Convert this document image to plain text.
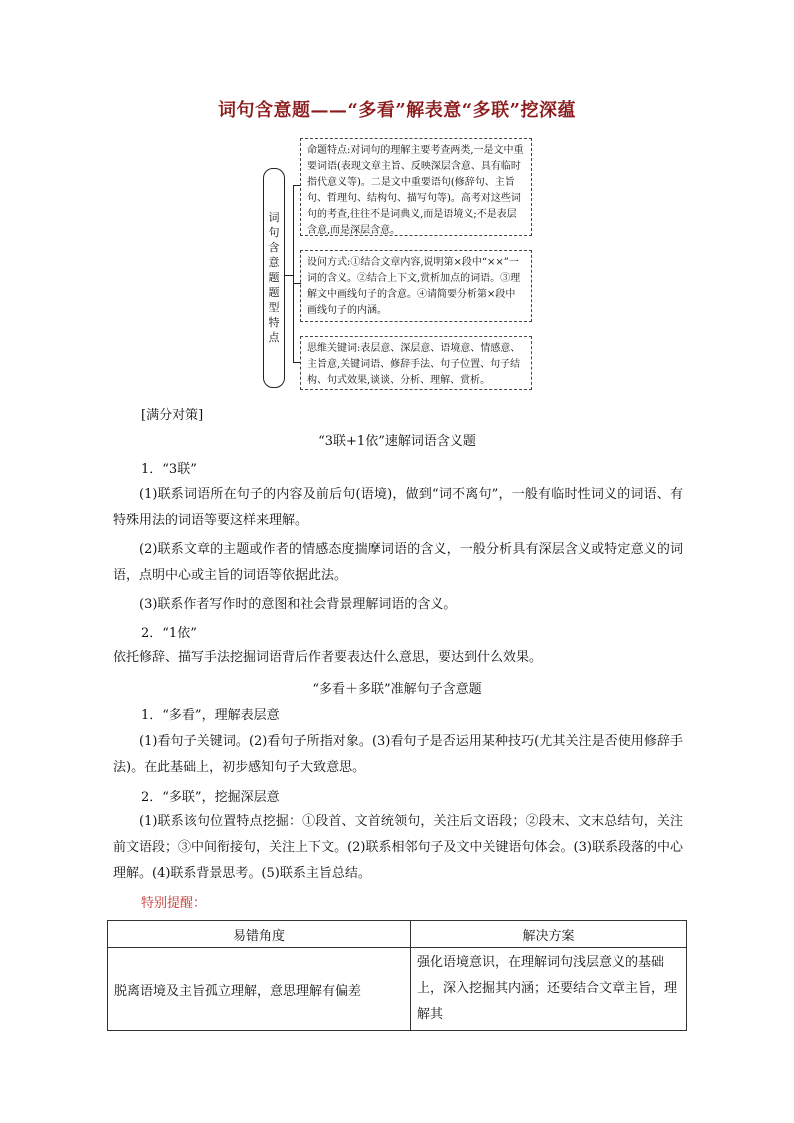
词句含意题——“多看”解表意“多联”挖深蕴
词
句
含
意
题
题
型
特
点
命题特点:对词句的理解主要考查两类,一是文中重要词语(表现文章主旨、反映深层含意、具有临时指代意义等)。二是文中重要语句(修辞句、主旨句、哲理句、结构句、描写句等)。高考对这些词句的考查,往往不是词典义,而是语境义;不是表层含意,而是深层含意。
设问方式:①结合文章内容,说明第×段中“××”一词的含义。②结合上下文,赏析加点的词语。③理解文中画线句子的含意。④请简要分析第×段中画线句子的内涵。
思维关键词:表层意、深层意、语境意、情感意、主旨意,关键词语、修辞手法、句子位置、句子结构、句式效果,谈谈、分析、理解、赏析。
[满分对策]
“3联+1依”速解词语含义题
1．“3联”
(1)联系词语所在句子的内容及前后句(语境)，做到“词不离句”，一般有临时性词义的词语、有特殊用法的词语等要这样来理解。
(2)联系文章的主题或作者的情感态度揣摩词语的含义，一般分析具有深层含义或特定意义的词语，点明中心或主旨的词语等依据此法。
(3)联系作者写作时的意图和社会背景理解词语的含义。
2．“1依”
依托修辞、描写手法挖掘词语背后作者要表达什么意思，要达到什么效果。
“多看＋多联”准解句子含意题
1．“多看”，理解表层意
(1)看句子关键词。(2)看句子所指对象。(3)看句子是否运用某种技巧(尤其关注是否使用修辞手法)。在此基础上，初步感知句子大致意思。
2．“多联”，挖掘深层意
(1)联系该句位置特点挖掘：①段首、文首统领句，关注后文语段；②段末、文末总结句，关注前文语段；③中间衔接句，关注上下文。(2)联系相邻句子及文中关键语句体会。(3)联系段落的中心理解。(4)联系背景思考。(5)联系主旨总结。
特别提醒：
易错角度	解决方案
脱离语境及主旨孤立理解，意思理解有偏差	强化语境意识，在理解词句浅层意义的基础上，深入挖掘其内涵；还要结合文章主旨，理解其
